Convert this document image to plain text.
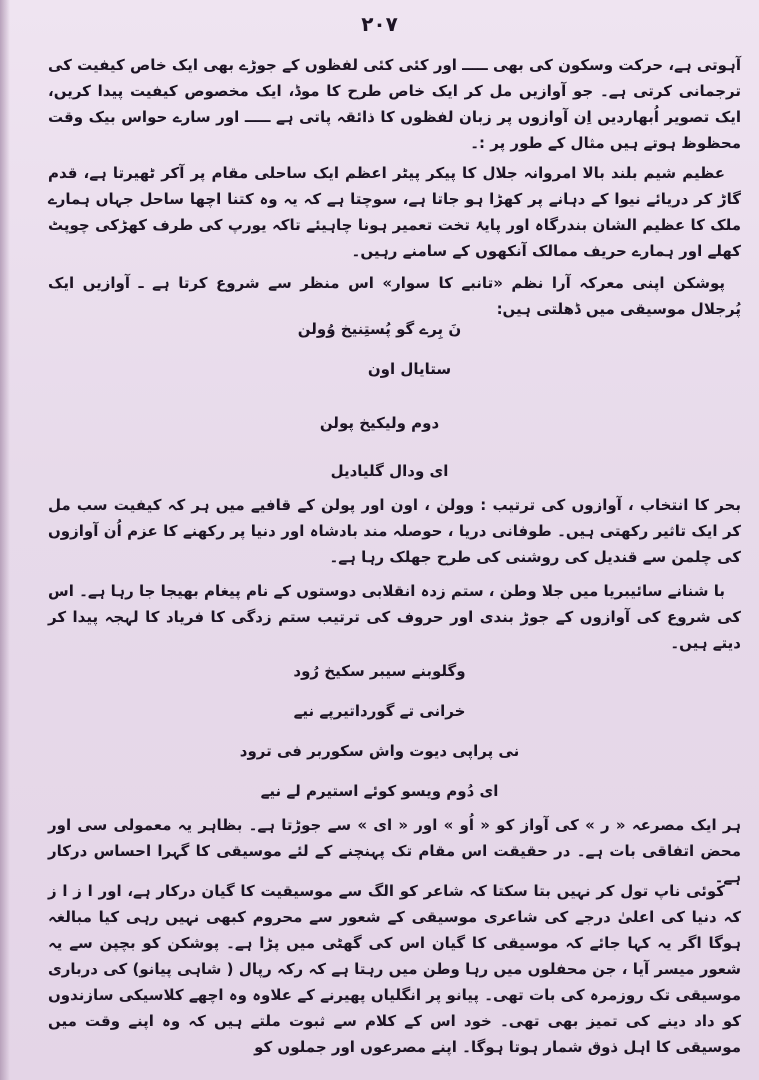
۲۰۷

آہوتی ہے، حرکت وسکون کی بھی ـــــ اور کئی کئی لفظوں کے جوڑے بھی ایک خاص کیفیت کی ترجمانی کرتی ہے۔ جو آوازیں مل کر ایک خاص طرح کا موڈ، ایک مخصوص کیفیت پیدا کریں، ایک تصویر اُبھاردیں اِن آوازوں پر زبان لفظوں کا ذائقہ پاتی ہے ـــــ اور سارے حواس بیک وقت محظوظ ہوتے ہیں مثال کے طور پر :۔

عظیم شیم بلند بالا امروانہ جلال کا پیکر پیٹر اعظم ایک ساحلی مقام پر آکر ٹھیرتا ہے، قدم گاڑ کر دریائے نیوا کے دہانے پر کھڑا ہو جاتا ہے، سوچتا ہے کہ یہ وہ کتنا اچھا ساحل جہاں ہمارے ملک کا عظیم الشان بندرگاہ اور پایۂ تخت تعمیر ہونا چاہیئے تاکہ یورپ کی طرف کھڑکی چوپٹ کھلے اور ہمارے حریف ممالک آنکھوں کے سامنے رہیں۔

پوشکن اپنی معرکہ آرا نظم «تانبے کا سوار» اس منظر سے شروع کرتا ہے ـ آوازیں ایک پُرجلال موسیقی میں ڈھلتی ہیں:

نَ بِرے گو پُستِنیخ وُولن
ستایال اون
دوم ولیکیخ پولن
ای ودال گلیادیل

بحر کا انتخاب ، آوازوں کی ترتیب : وولن ، اون اور پولن کے قافیے میں ہر کہ کیفیت سب مل کر ایک تاثیر رکھتی ہیں۔ طوفانی دریا ، حوصلہ مند بادشاہ اور دنیا پر رکھنے کا عزم اُن آوازوں کی چلمن سے قندیل کی روشنی کی طرح جھلک رہا ہے۔

با شنانے سائیبریا میں جلا وطن ، ستم زدہ انقلابی دوستوں کے نام پیغام بھیجا جا رہا ہے۔ اس کی شروع کی آوازوں کے جوڑ بندی اور حروف کی ترتیب ستم زدگی کا فریاد کا لہجہ پیدا کر دیتے ہیں۔

وگلوبنے سیبر سکیخ رُود
خرانی تے گورداتیرپے نیے
نی پراپی دیوت واش سکوربر فی ترود
ای دُوم ویسو کوئے استیرم لے نیے

ہر ایک مصرعہ « ر » کی آواز کو « اُو » اور « ای » سے جوڑتا ہے۔ بظاہر یہ معمولی سی اور محض اتفاقی بات ہے۔ در حقیقت اس مقام تک پہنچنے کے لئے موسیقی کا گہرا احساس درکار ہے۔

کوئی ناپ تول کر نہیں بتا سکتا کہ شاعر کو الگ سے موسیقیت کا گیان درکار ہے، اور ا ز ا ز کہ دنیا کی اعلیٰ درجے کی شاعری موسیقی کے شعور سے محروم کبھی نہیں رہی کیا مبالغہ ہوگا اگر یہ کہا جائے کہ موسیقی کا گیان اس کی گھٹی میں پڑا ہے۔ پوشکن کو بچپن سے یہ شعور میسر آیا ، جن محفلوں میں رہا وطن میں رہتا ہے کہ رکہ رپال ( شاہی پیانو) کی درباری موسیقی تک روزمرہ کی بات تھی۔ پیانو پر انگلیاں پھیرنے کے علاوہ وہ اچھے کلاسیکی سازندوں کو داد دینے کی تمیز بھی تھی۔ خود اس کے کلام سے ثبوت ملتے ہیں کہ وہ اپنے وقت میں موسیقی کا اہل ذوق شمار ہوتا ہوگا۔ اپنے مصرعوں اور جملوں کو
